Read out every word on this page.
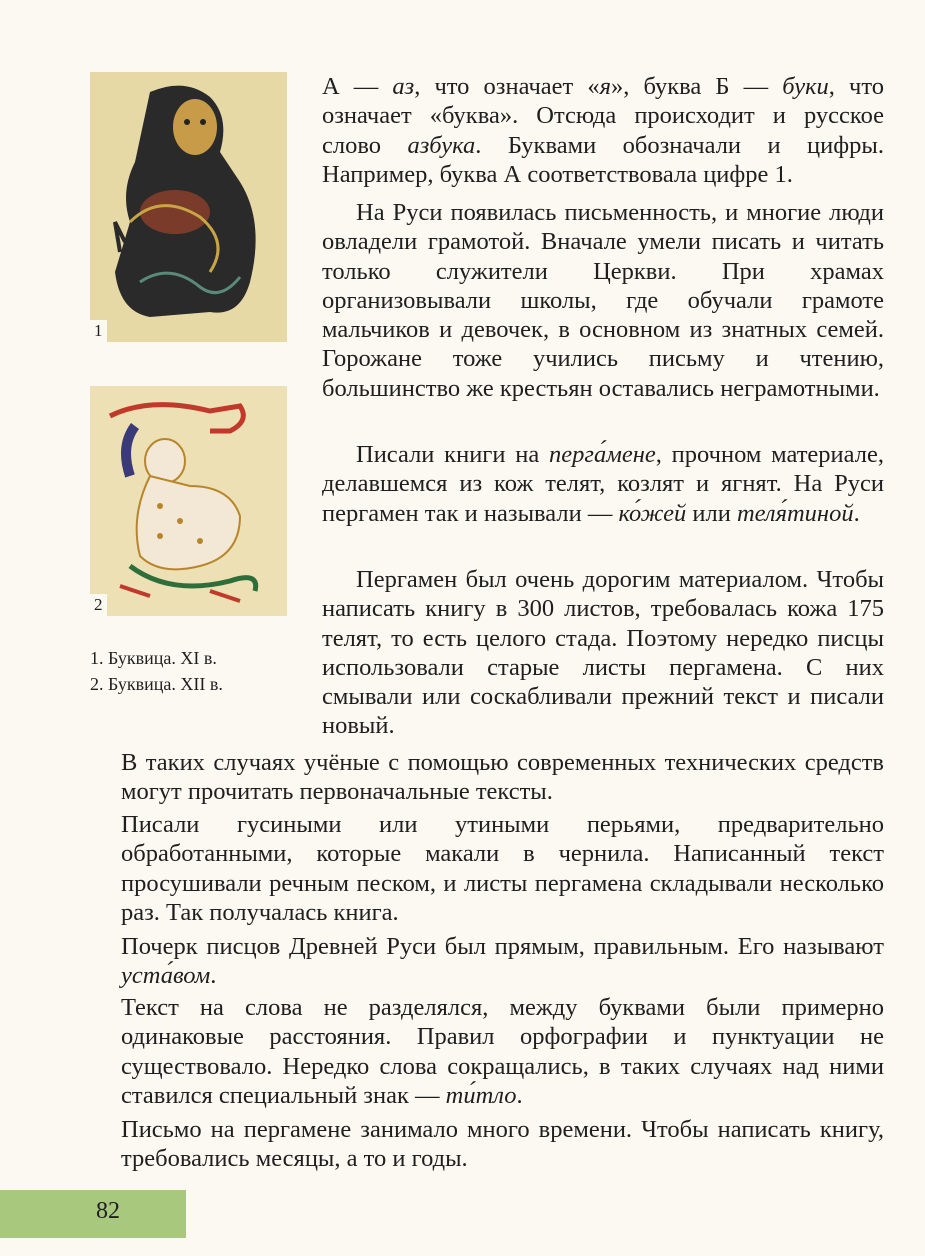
1
2
1. Буквица. XI в.
2. Буквица. XII в.

А — аз, что означает «я», буква Б — буки, что означает «буква». Отсюда происходит и русское слово азбука. Буквами обозначали и цифры. Например, буква А соответствовала цифре 1.

На Руси появилась письменность, и многие люди овладели грамотой. Вначале умели писать и читать только служители Церкви. При храмах организовывали школы, где обучали грамоте мальчиков и девочек, в основном из знатных семей. Горожане тоже учились письму и чтению, большинство же крестьян оставались неграмотными.

Писали книги на перга́мене, прочном материале, делавшемся из кож телят, козлят и ягнят. На Руси пергамен так и называли — ко́жей или теля́тиной.

Пергамен был очень дорогим материалом. Чтобы написать книгу в 300 листов, требовалась кожа 175 телят, то есть целого стада. Поэтому нередко писцы использовали старые листы пергамена. С них смывали или соскабливали прежний текст и писали новый.

В таких случаях учёные с помощью современных технических средств могут прочитать первоначальные тексты.

Писали гусиными или утиными перьями, предварительно обработанными, которые макали в чернила. Написанный текст просушивали речным песком, и листы пергамена складывали несколько раз. Так получалась книга.

Почерк писцов Древней Руси был прямым, правильным. Его называют уста́вом.

Текст на слова не разделялся, между буквами были примерно одинаковые расстояния. Правил орфографии и пунктуации не существовало. Нередко слова сокращались, в таких случаях над ними ставился специальный знак — ти́тло.

Письмо на пергамене занимало много времени. Чтобы написать книгу, требовались месяцы, а то и годы.

82
